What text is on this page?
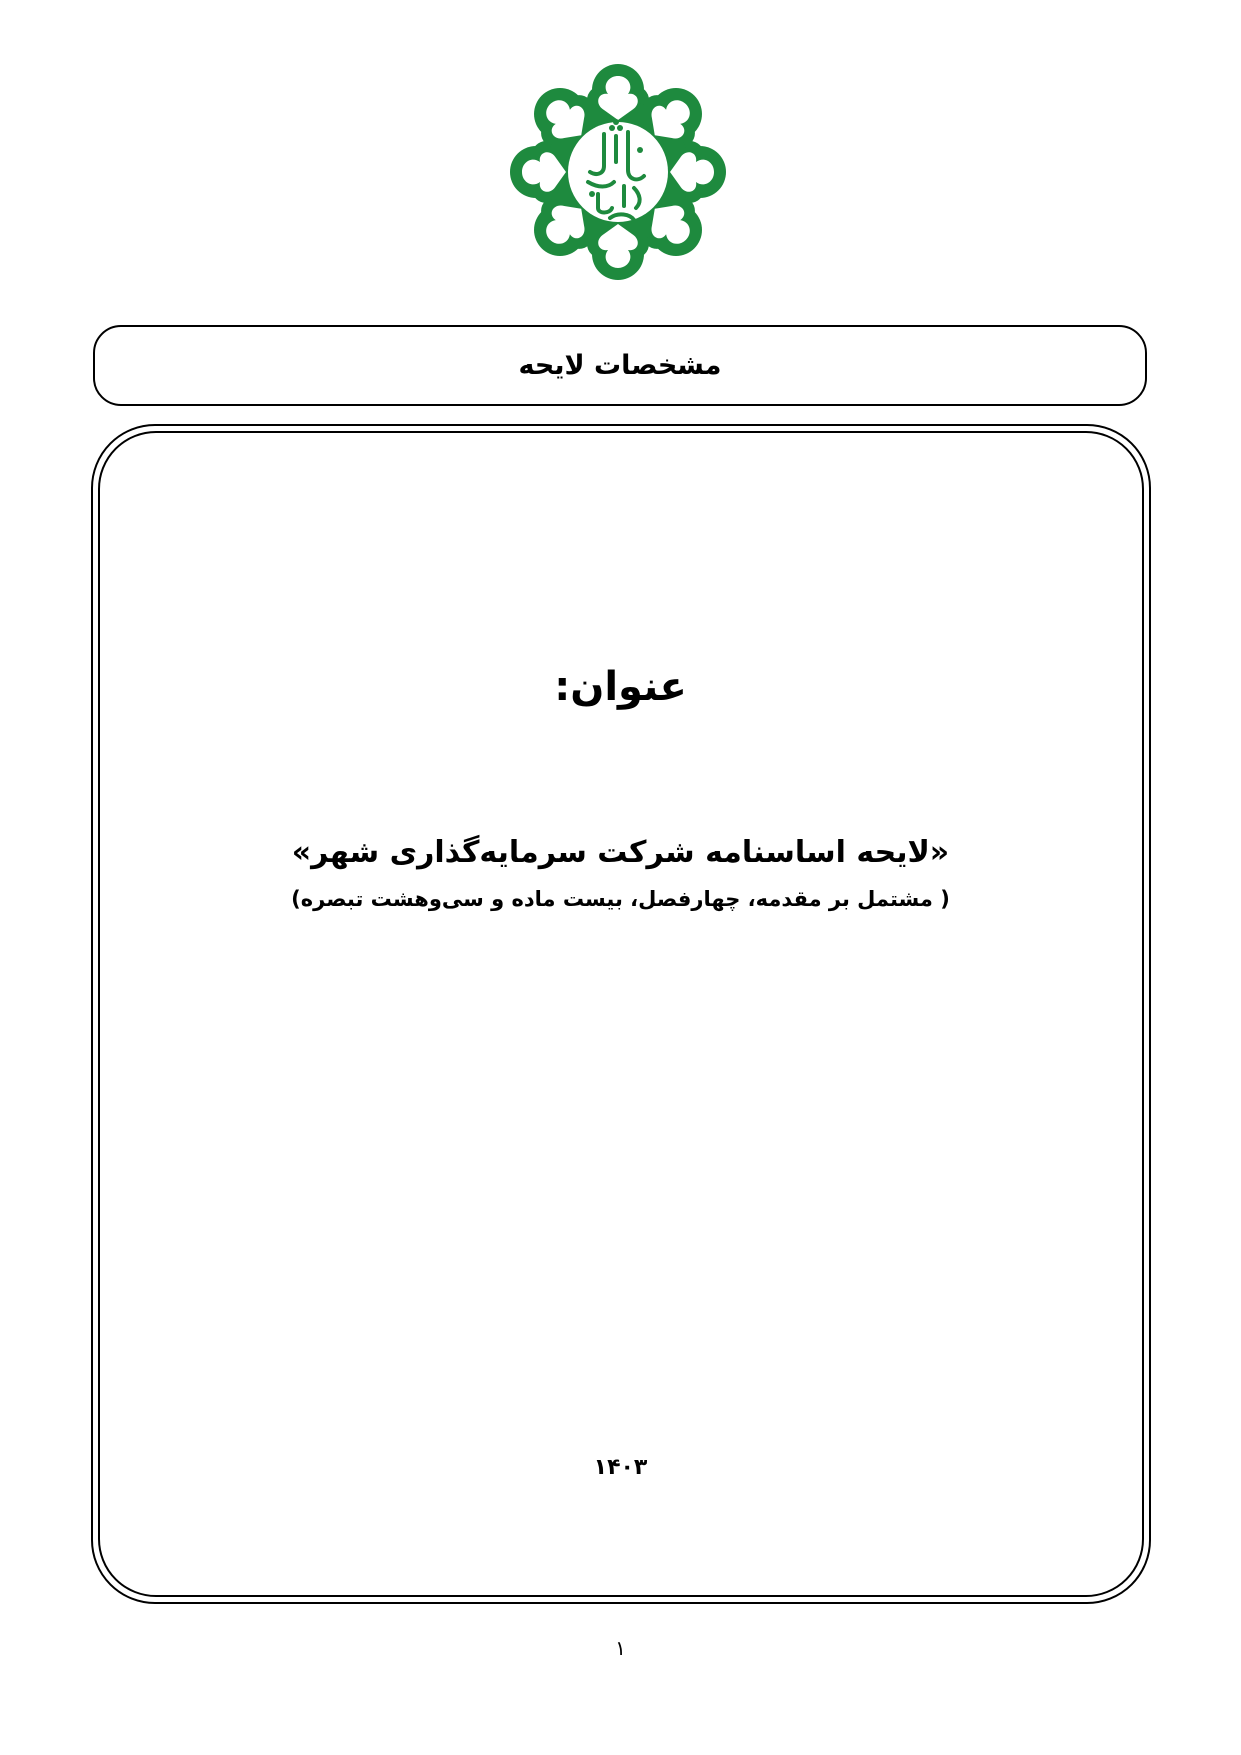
مشخصات لایحه
عنوان:
«لایحه اساسنامه شرکت سرمایه‌گذاری شهر»
( مشتمل بر مقدمه، چهارفصل، بیست ماده و سی‌وهشت تبصره)
۱۴۰۳
۱
